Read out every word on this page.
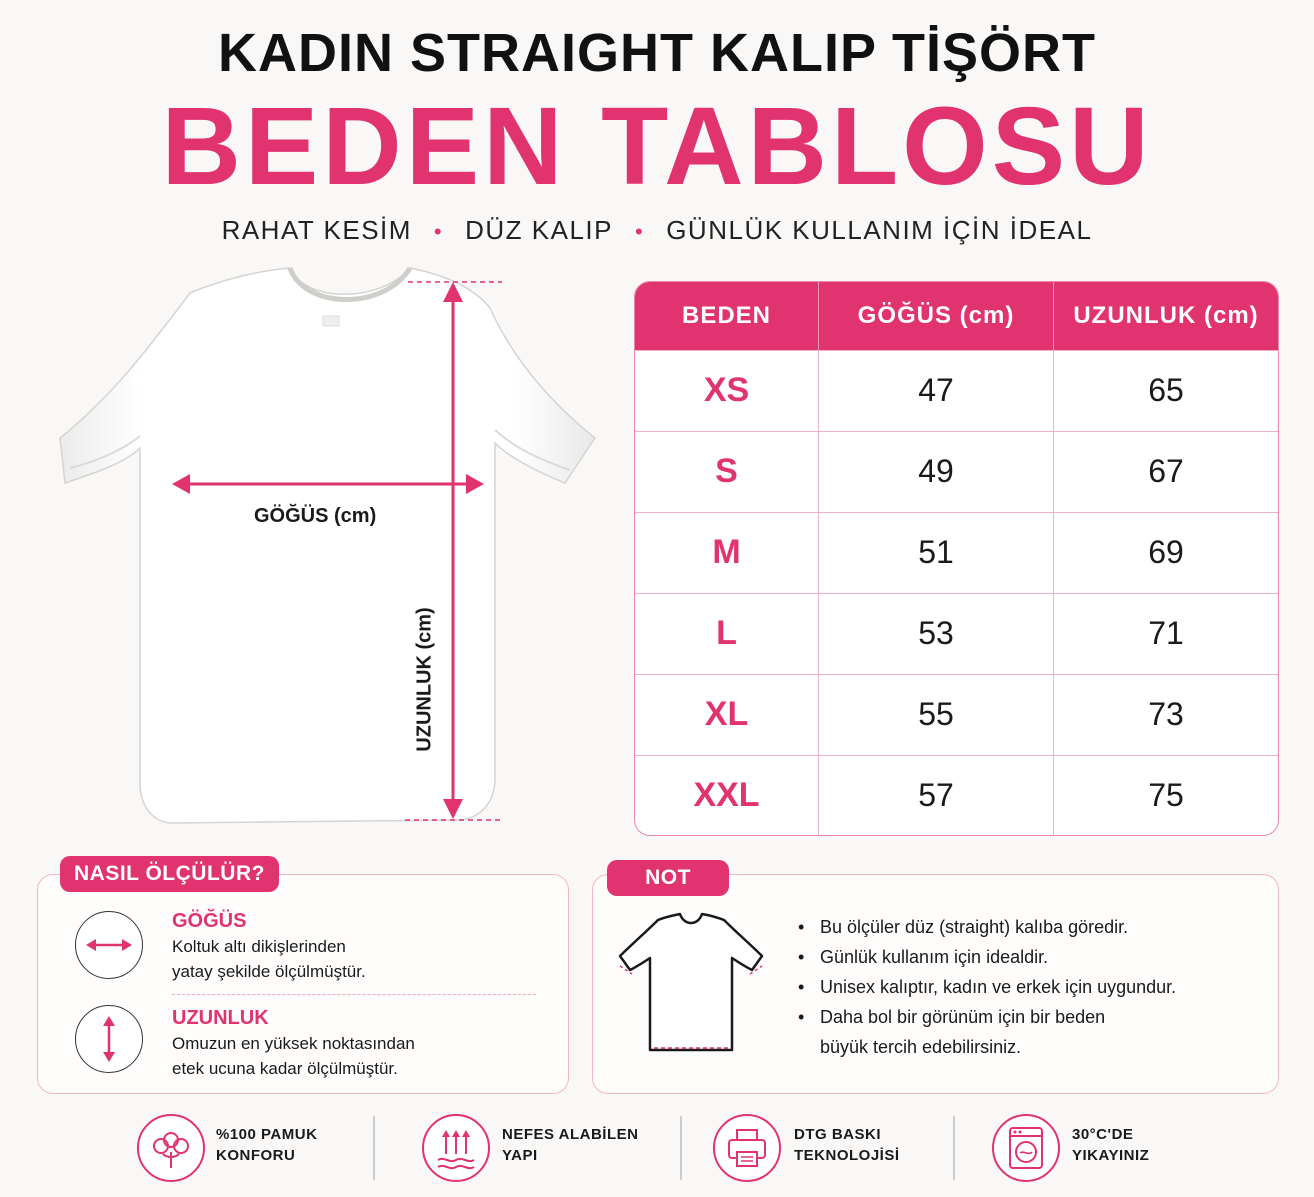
KADIN STRAIGHT KALIP TİŞÖRT
BEDEN TABLOSU
RAHAT KESİM • DÜZ KALIP • GÜNLÜK KULLANIM İÇİN İDEAL
GÖĞÜS (cm)
UZUNLUK (cm)
BEDEN	GÖĞÜS (cm)	UZUNLUK (cm)
XS	47	65
S	49	67
M	51	69
L	53	71
XL	55	73
XXL	57	75
NASIL ÖLÇÜLÜR?
GÖĞÜS
Koltuk altı dikişlerinden
yatay şekilde ölçülmüştür.
UZUNLUK
Omuzun en yüksek noktasından
etek ucuna kadar ölçülmüştür.
NOT
• Bu ölçüler düz (straight) kalıba göredir.
• Günlük kullanım için idealdir.
• Unisex kalıptır, kadın ve erkek için uygundur.
• Daha bol bir görünüm için bir beden
büyük tercih edebilirsiniz.
%100 PAMUK
KONFORU
NEFES ALABİLEN
YAPI
DTG BASKI
TEKNOLOJİSİ
30°C'DE
YIKAYINIZ
